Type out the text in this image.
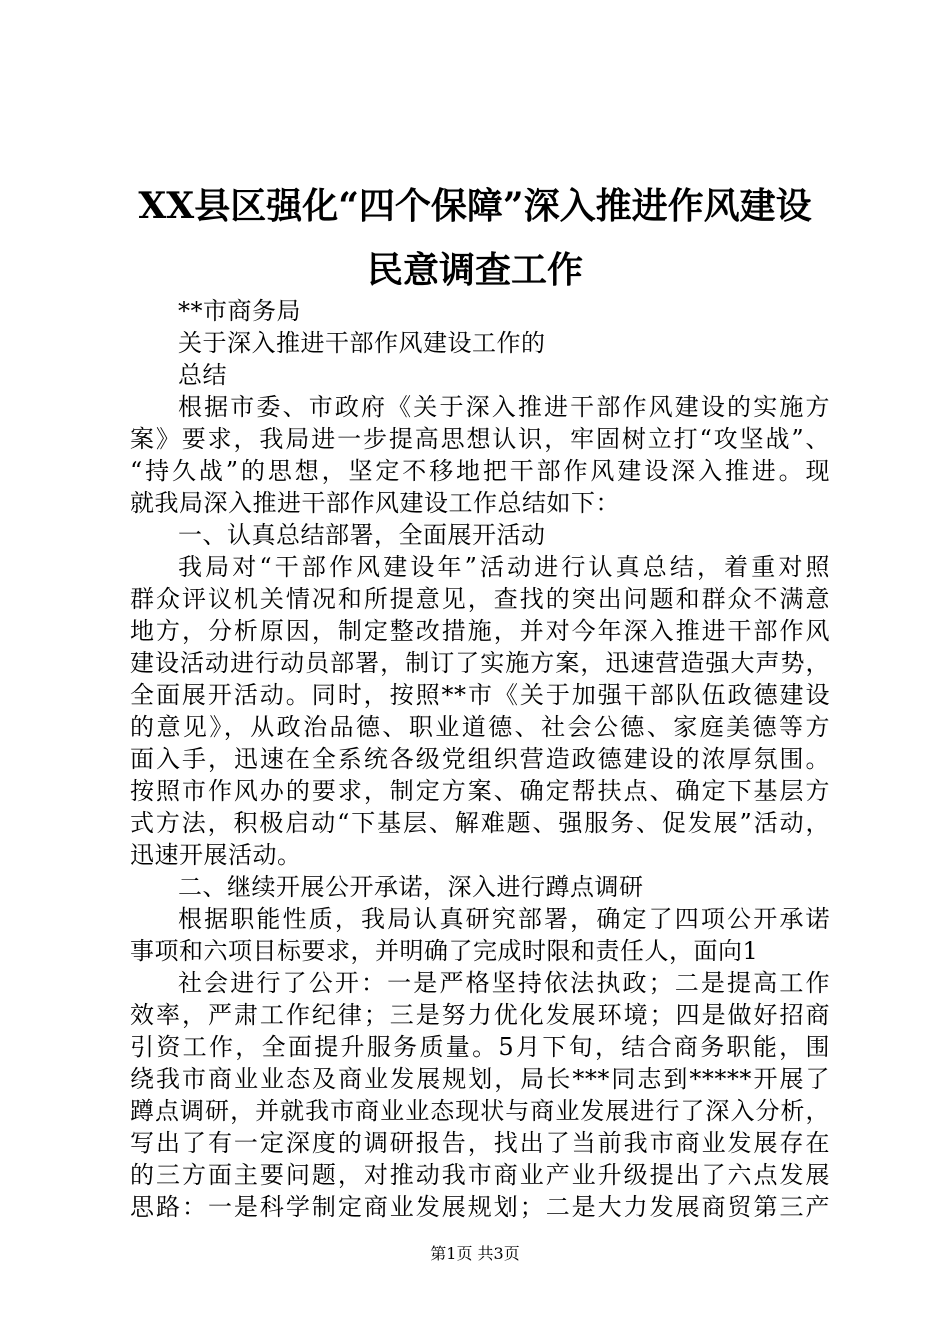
XX县区强化“四个保障”深入推进作风建设
民意调查工作
**市商务局
关于深入推进干部作风建设工作的
总结
根据市委、市政府《关于深入推进干部作风建设的实施方
案》要求，我局进一步提高思想认识，牢固树立打“攻坚战”、
“持久战”的思想，坚定不移地把干部作风建设深入推进。现
就我局深入推进干部作风建设工作总结如下：
一、认真总结部署，全面展开活动
我局对“干部作风建设年”活动进行认真总结，着重对照
群众评议机关情况和所提意见，查找的突出问题和群众不满意
地方，分析原因，制定整改措施，并对今年深入推进干部作风
建设活动进行动员部署，制订了实施方案，迅速营造强大声势，
全面展开活动。同时，按照**市《关于加强干部队伍政德建设
的意见》，从政治品德、职业道德、社会公德、家庭美德等方
面入手，迅速在全系统各级党组织营造政德建设的浓厚氛围。
按照市作风办的要求，制定方案、确定帮扶点、确定下基层方
式方法，积极启动“下基层、解难题、强服务、促发展”活动，
迅速开展活动。
二、继续开展公开承诺，深入进行蹲点调研
根据职能性质，我局认真研究部署，确定了四项公开承诺
事项和六项目标要求，并明确了完成时限和责任人，面向1
社会进行了公开：一是严格坚持依法执政；二是提高工作
效率，严肃工作纪律；三是努力优化发展环境；四是做好招商
引资工作，全面提升服务质量。5月下旬，结合商务职能，围
绕我市商业业态及商业发展规划，局长***同志到*****开展了
蹲点调研，并就我市商业业态现状与商业发展进行了深入分析，
写出了有一定深度的调研报告，找出了当前我市商业发展存在
的三方面主要问题，对推动我市商业产业升级提出了六点发展
思路：一是科学制定商业发展规划；二是大力发展商贸第三产
第1页 共3页
